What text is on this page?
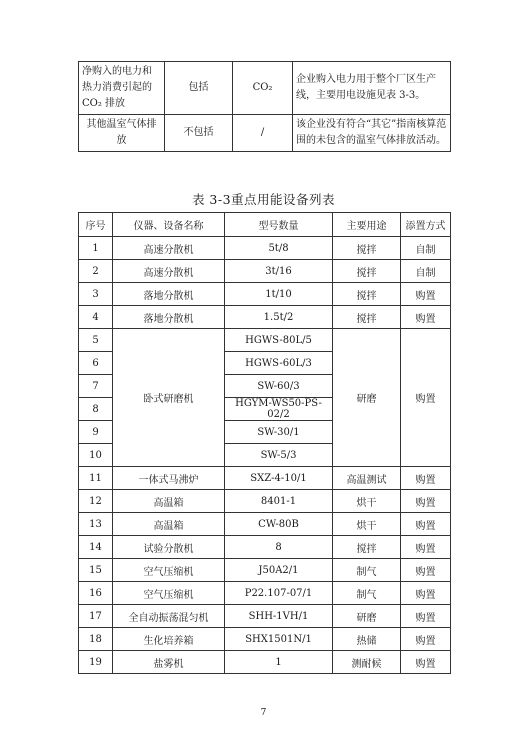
净购入的电力和热力消费引起的 CO₂ 排放	包括	CO₂	企业购入电力用于整个厂区生产线，主要用电设施见表 3-3。
其他温室气体排放	不包括	/	该企业没有符合“其它”指南核算范围的未包含的温室气体排放活动。
表 3-3重点用能设备列表
序号	仪器、设备名称	型号数量	主要用途	添置方式
1	高速分散机	5t/8	搅拌	自制
2	高速分散机	3t/16	搅拌	自制
3	落地分散机	1t/10	搅拌	购置
4	落地分散机	1.5t/2	搅拌	购置
5	卧式研磨机	HGWS-80L/5	研磨	购置
6		HGWS-60L/3		
7		SW-60/3		
8		HGYM-WS50-PS-02/2		
9		SW-30/1		
10		SW-5/3		
11	一体式马沸炉	SXZ-4-10/1	高温测试	购置
12	高温箱	8401-1	烘干	购置
13	高温箱	CW-80B	烘干	购置
14	试验分散机	8	搅拌	购置
15	空气压缩机	J50A2/1	制气	购置
16	空气压缩机	P22.107-07/1	制气	购置
17	全自动振荡混匀机	SHH-1VH/1	研磨	购置
18	生化培养箱	SHX1501N/1	热储	购置
19	盐雾机	1	测耐候	购置
7
